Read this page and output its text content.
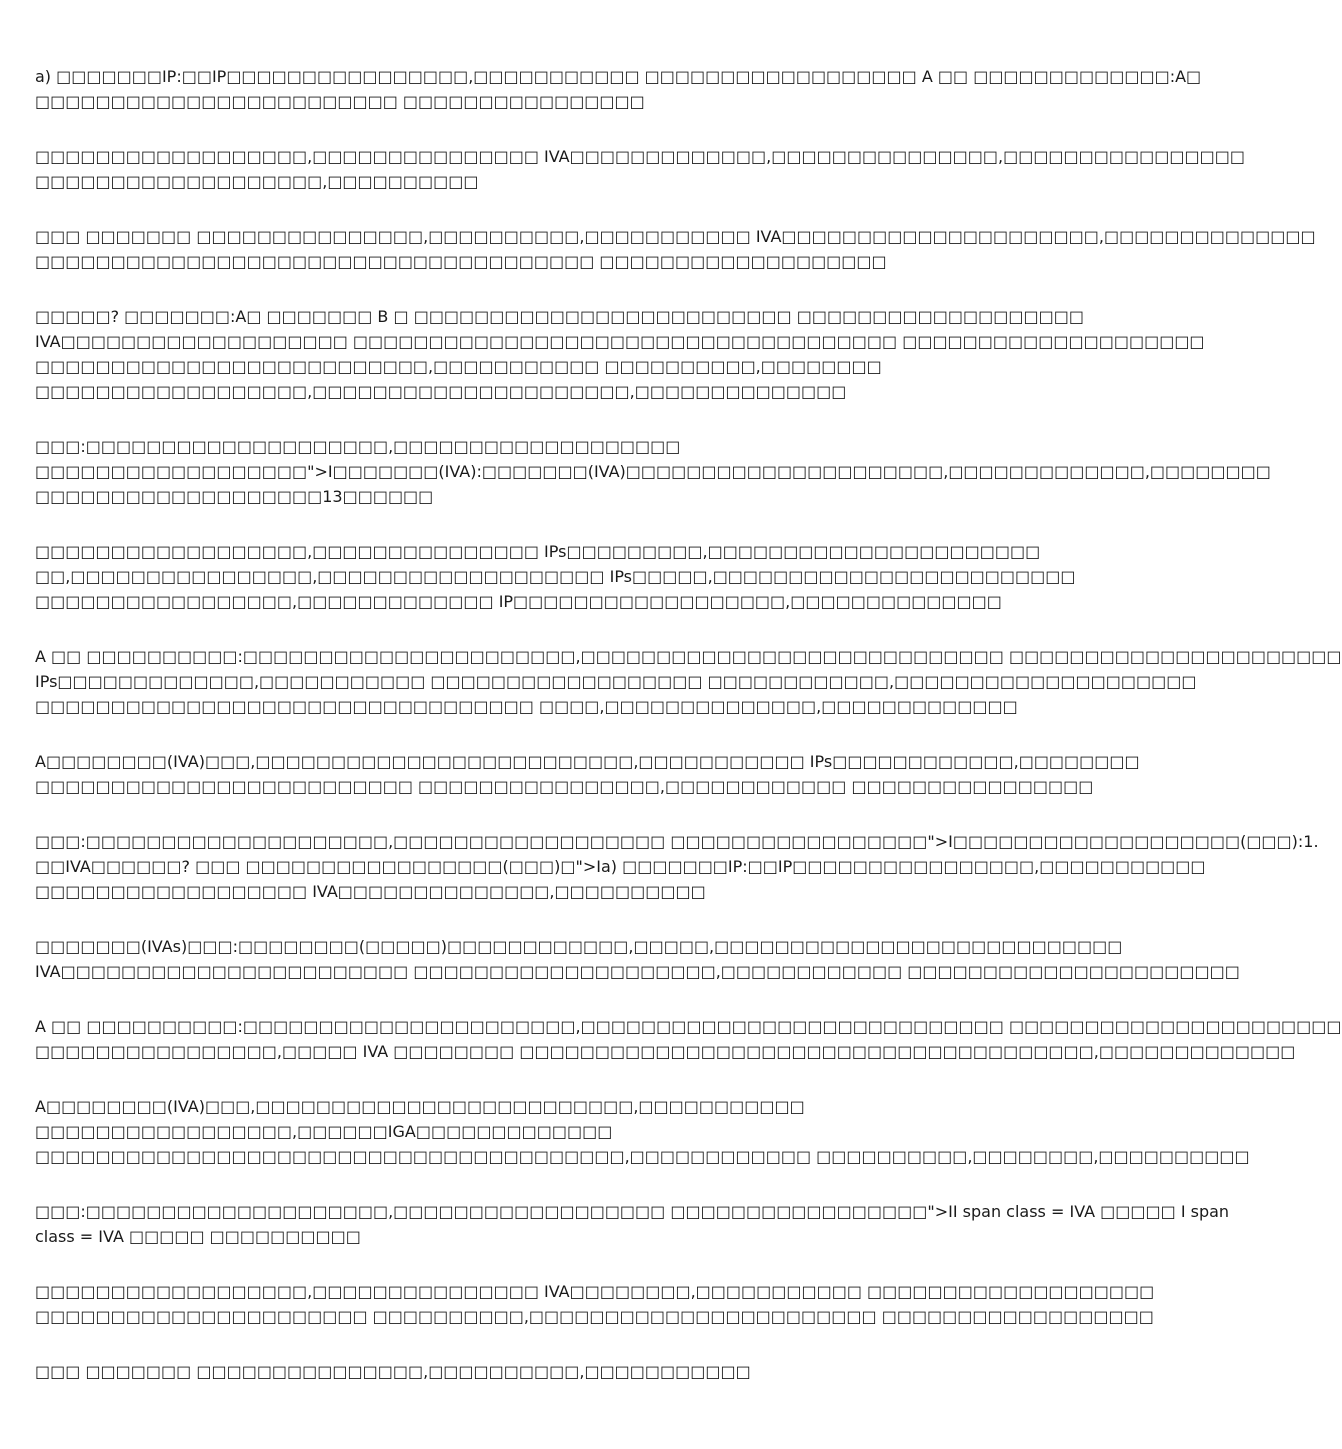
a) □□□□□□□IP:□□IP□□□□□□□□□□□□□□□□,□□□□□□□□□□□ □□□□□□□□□□□□□□□□□□ A □□ □□□□□□□□□□□□□:A□
□□□□□□□□□□□□□□□□□□□□□□□□ □□□□□□□□□□□□□□□□
□□□□□□□□□□□□□□□□□□,□□□□□□□□□□□□□□□ IVA□□□□□□□□□□□□□,□□□□□□□□□□□□□□□,□□□□□□□□□□□□□□□□
□□□□□□□□□□□□□□□□□□□,□□□□□□□□□□
□□□ □□□□□□□ □□□□□□□□□□□□□□□,□□□□□□□□□□,□□□□□□□□□□□ IVA□□□□□□□□□□□□□□□□□□□□□,□□□□□□□□□□□□□□
□□□□□□□□□□□□□□□□□□□□□□□□□□□□□□□□□□□□□ □□□□□□□□□□□□□□□□□□□
□□□□□? □□□□□□□:A□ □□□□□□□ B □ □□□□□□□□□□□□□□□□□□□□□□□□□ □□□□□□□□□□□□□□□□□□□
IVA□□□□□□□□□□□□□□□□□□□ □□□□□□□□□□□□□□□□□□□□□□□□□□□□□□□□□□□□ □□□□□□□□□□□□□□□□□□□□
□□□□□□□□□□□□□□□□□□□□□□□□□□,□□□□□□□□□□□ □□□□□□□□□□,□□□□□□□□
□□□□□□□□□□□□□□□□□□,□□□□□□□□□□□□□□□□□□□□□,□□□□□□□□□□□□□□
□□□:□□□□□□□□□□□□□□□□□□□□,□□□□□□□□□□□□□□□□□□□
□□□□□□□□□□□□□□□□□□">I□□□□□□□(IVA):□□□□□□□(IVA)□□□□□□□□□□□□□□□□□□□□□,□□□□□□□□□□□□□,□□□□□□□□
□□□□□□□□□□□□□□□□□□□13□□□□□□
□□□□□□□□□□□□□□□□□□,□□□□□□□□□□□□□□□ IPs□□□□□□□□□,□□□□□□□□□□□□□□□□□□□□□□
□□,□□□□□□□□□□□□□□□□,□□□□□□□□□□□□□□□□□□□ IPs□□□□□,□□□□□□□□□□□□□□□□□□□□□□□□
□□□□□□□□□□□□□□□□□,□□□□□□□□□□□□□ IP□□□□□□□□□□□□□□□□□□,□□□□□□□□□□□□□□
A □□ □□□□□□□□□□:□□□□□□□□□□□□□□□□□□□□□□,□□□□□□□□□□□□□□□□□□□□□□□□□□□□ □□□□□□□□□□□□□□□□□□□□□□
IPs□□□□□□□□□□□□□,□□□□□□□□□□□ □□□□□□□□□□□□□□□□□□ □□□□□□□□□□□□,□□□□□□□□□□□□□□□□□□□□
□□□□□□□□□□□□□□□□□□□□□□□□□□□□□□□□□ □□□□,□□□□□□□□□□□□□□,□□□□□□□□□□□□□
A□□□□□□□□(IVA)□□□,□□□□□□□□□□□□□□□□□□□□□□□□□,□□□□□□□□□□□ IPs□□□□□□□□□□□□,□□□□□□□□
□□□□□□□□□□□□□□□□□□□□□□□□□ □□□□□□□□□□□□□□□□,□□□□□□□□□□□□ □□□□□□□□□□□□□□□□
□□□:□□□□□□□□□□□□□□□□□□□□,□□□□□□□□□□□□□□□□□□ □□□□□□□□□□□□□□□□□">I□□□□□□□□□□□□□□□□□□□(□□□):1.
□□IVA□□□□□□? □□□ □□□□□□□□□□□□□□□□□(□□□)□">Ia) □□□□□□□IP:□□IP□□□□□□□□□□□□□□□□,□□□□□□□□□□□
□□□□□□□□□□□□□□□□□□ IVA□□□□□□□□□□□□□□,□□□□□□□□□□
□□□□□□□(IVAs)□□□:□□□□□□□□(□□□□□)□□□□□□□□□□□□,□□□□□,□□□□□□□□□□□□□□□□□□□□□□□□□□□
IVA□□□□□□□□□□□□□□□□□□□□□□□ □□□□□□□□□□□□□□□□□□□□,□□□□□□□□□□□□ □□□□□□□□□□□□□□□□□□□□□□
A □□ □□□□□□□□□□:□□□□□□□□□□□□□□□□□□□□□□,□□□□□□□□□□□□□□□□□□□□□□□□□□□□ □□□□□□□□□□□□□□□□□□□□□□
□□□□□□□□□□□□□□□□,□□□□□ IVA □□□□□□□□ □□□□□□□□□□□□□□□□□□□□□□□□□□□□□□□□□□□□□□,□□□□□□□□□□□□□
A□□□□□□□□(IVA)□□□,□□□□□□□□□□□□□□□□□□□□□□□□□,□□□□□□□□□□□
□□□□□□□□□□□□□□□□□,□□□□□□IGA□□□□□□□□□□□□□
□□□□□□□□□□□□□□□□□□□□□□□□□□□□□□□□□□□□□□□,□□□□□□□□□□□□ □□□□□□□□□□,□□□□□□□□,□□□□□□□□□□
□□□:□□□□□□□□□□□□□□□□□□□□,□□□□□□□□□□□□□□□□□□ □□□□□□□□□□□□□□□□□">II span class = IVA □□□□□ I span
class = IVA □□□□□ □□□□□□□□□□
□□□□□□□□□□□□□□□□□□,□□□□□□□□□□□□□□□ IVA□□□□□□□□,□□□□□□□□□□□ □□□□□□□□□□□□□□□□□□□
□□□□□□□□□□□□□□□□□□□□□□ □□□□□□□□□□,□□□□□□□□□□□□□□□□□□□□□□□ □□□□□□□□□□□□□□□□□□
□□□ □□□□□□□ □□□□□□□□□□□□□□□,□□□□□□□□□□,□□□□□□□□□□□
